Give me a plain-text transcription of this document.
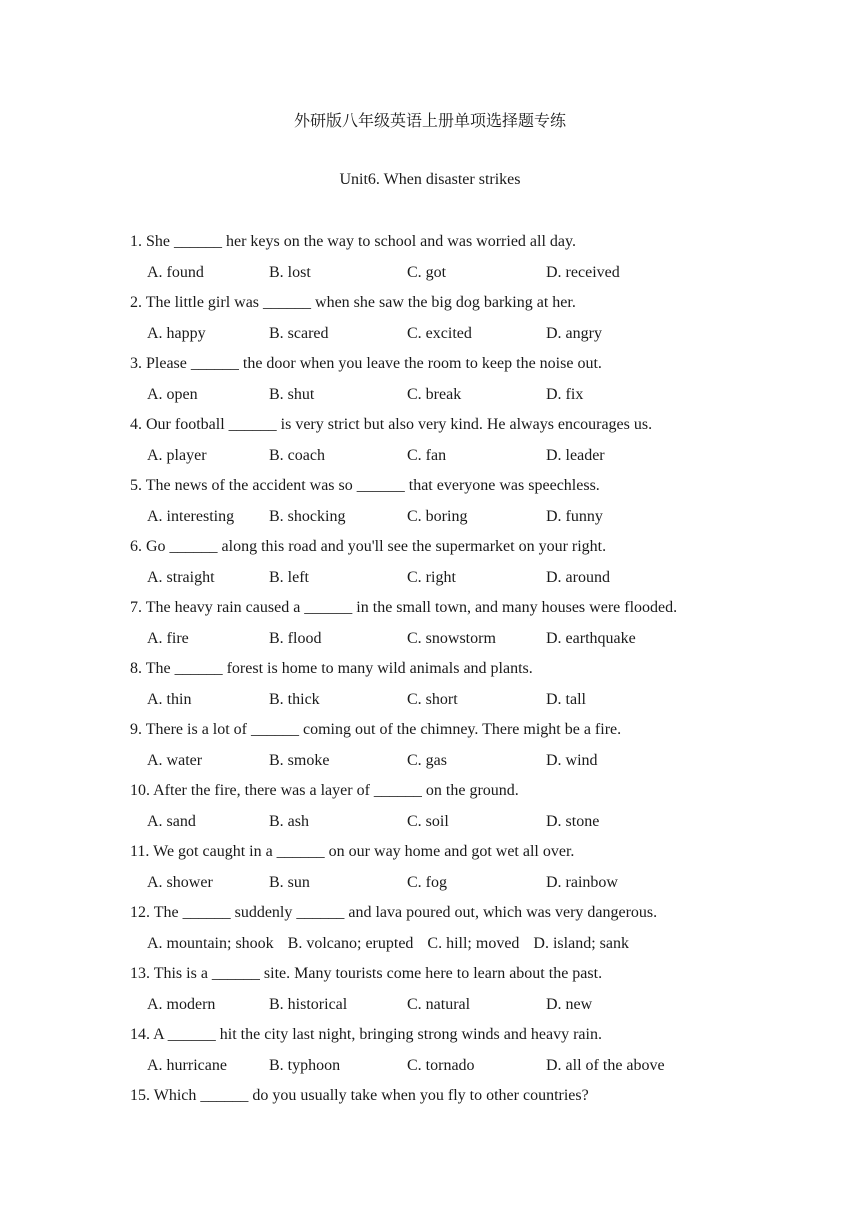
外研版八年级英语上册单项选择题专练
Unit6. When disaster strikes
1. She ______ her keys on the way to school and was worried all day.
A. found	B. lost	C. got	D. received
2. The little girl was ______ when she saw the big dog barking at her.
A. happy	B. scared	C. excited	D. angry
3. Please ______ the door when you leave the room to keep the noise out.
A. open	B. shut	C. break	D. fix
4. Our football ______ is very strict but also very kind. He always encourages us.
A. player	B. coach	C. fan	D. leader
5. The news of the accident was so ______ that everyone was speechless.
A. interesting B. shocking	C. boring	D. funny
6. Go ______ along this road and you'll see the supermarket on your right.
A. straight	B. left	C. right	D. around
7. The heavy rain caused a ______ in the small town, and many houses were flooded.
A. fire	B. flood	C. snowstorm	D. earthquake
8. The ______ forest is home to many wild animals and plants.
A. thin	B. thick	C. short	D. tall
9. There is a lot of ______ coming out of the chimney. There might be a fire.
A. water	B. smoke	C. gas	D. wind
10. After the fire, there was a layer of ______ on the ground.
A. sand	B. ash	C. soil	D. stone
11. We got caught in a ______ on our way home and got wet all over.
A. shower	B. sun	C. fog	D. rainbow
12. The ______ suddenly ______ and lava poured out, which was very dangerous.
A. mountain; shook B. volcano; erupted C. hill; moved D. island; sank
13. This is a ______ site. Many tourists come here to learn about the past.
A. modern	B. historical	C. natural	D. new
14. A ______ hit the city last night, bringing strong winds and heavy rain.
A. hurricane	B. typhoon	C. tornado	D. all of the above
15. Which ______ do you usually take when you fly to other countries?
